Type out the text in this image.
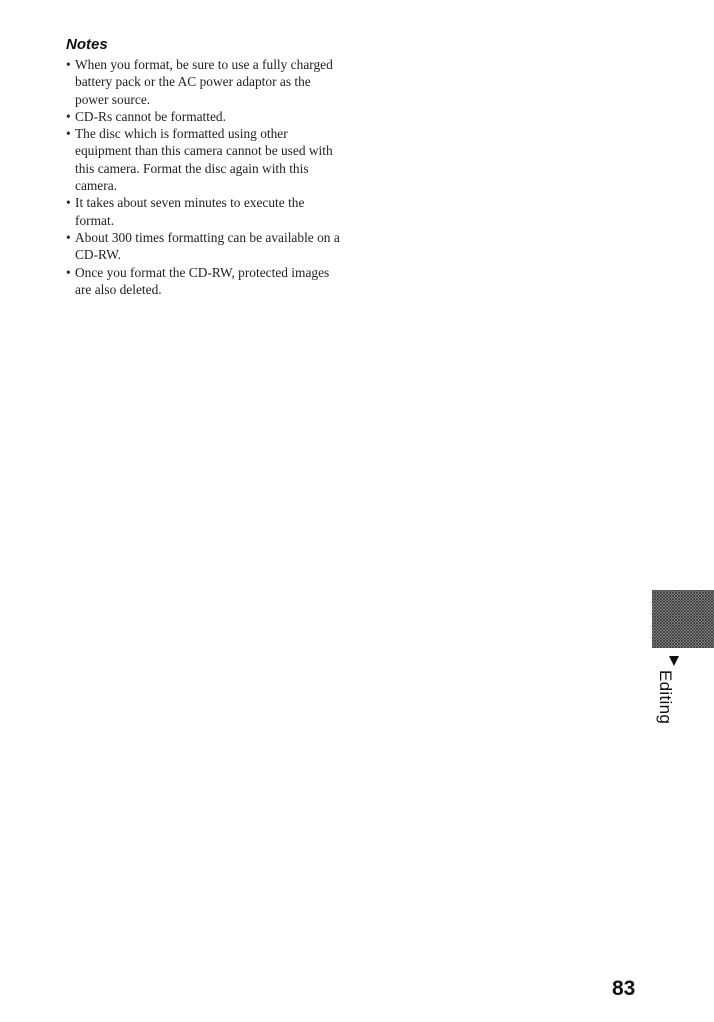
Notes
• When you format, be sure to use a fully charged battery pack or the AC power adaptor as the power source.
• CD-Rs cannot be formatted.
• The disc which is formatted using other equipment than this camera cannot be used with this camera. Format the disc again with this camera.
• It takes about seven minutes to execute the format.
• About 300 times formatting can be available on a CD-RW.
• Once you format the CD-RW, protected images are also deleted.
Editing
83
